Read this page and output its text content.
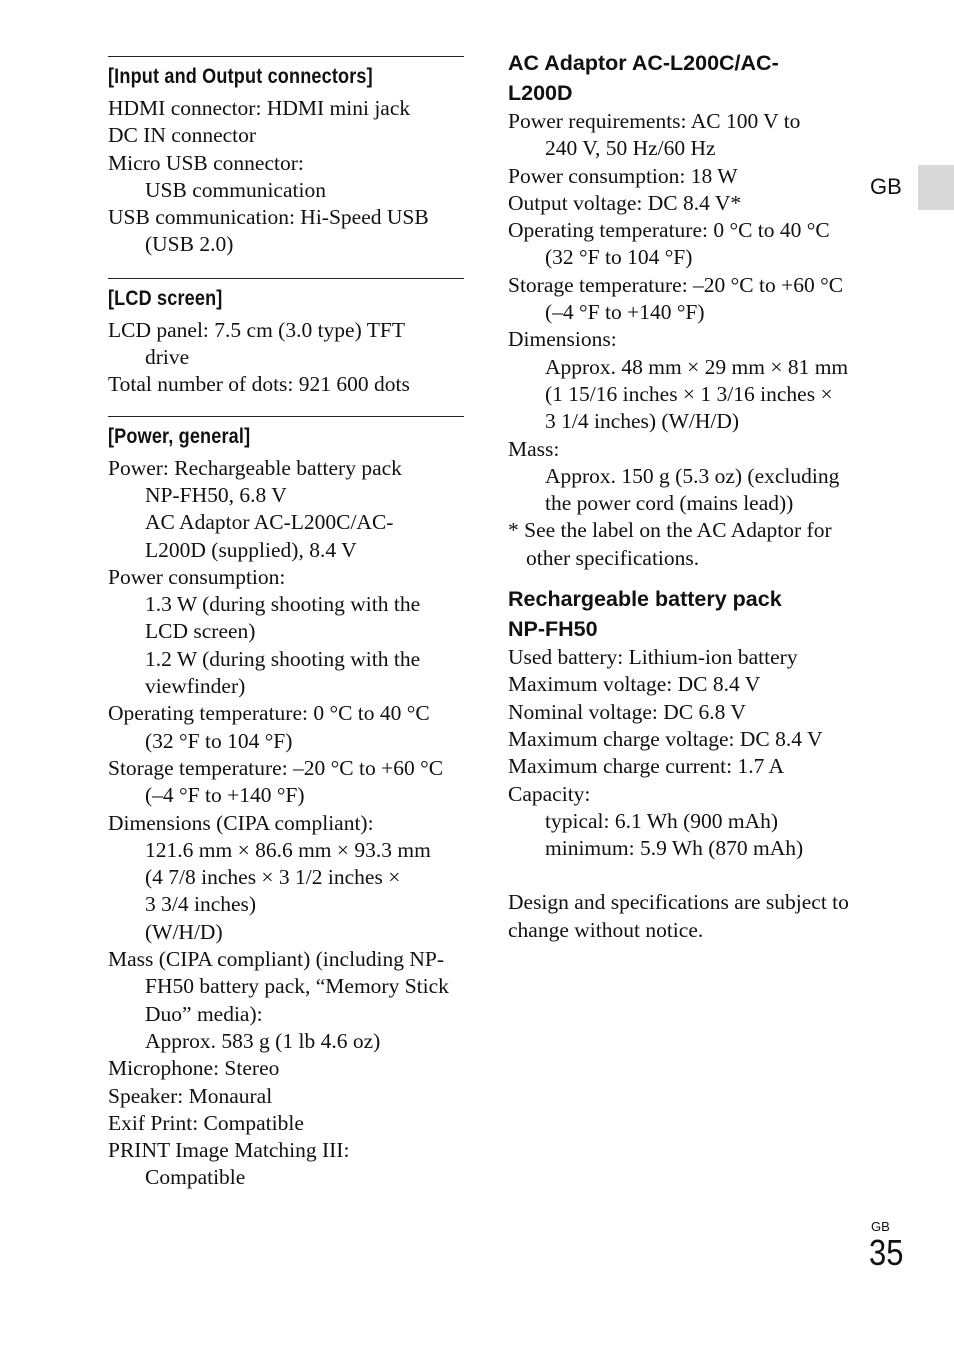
[Input and Output connectors]
HDMI connector: HDMI mini jack
DC IN connector
Micro USB connector:
USB communication
USB communication: Hi-Speed USB
(USB 2.0)
[LCD screen]
LCD panel: 7.5 cm (3.0 type) TFT
drive
Total number of dots: 921 600 dots
[Power, general]
Power: Rechargeable battery pack
NP-FH50, 6.8 V
AC Adaptor AC-L200C/AC-
L200D (supplied), 8.4 V
Power consumption:
1.3 W (during shooting with the
LCD screen)
1.2 W (during shooting with the
viewfinder)
Operating temperature: 0 °C to 40 °C
(32 °F to 104 °F)
Storage temperature: –20 °C to +60 °C
(–4 °F to +140 °F)
Dimensions (CIPA compliant):
121.6 mm × 86.6 mm × 93.3 mm
(4 7/8 inches × 3 1/2 inches ×
3 3/4 inches)
(W/H/D)
Mass (CIPA compliant) (including NP-
FH50 battery pack, “Memory Stick
Duo” media):
Approx. 583 g (1 lb 4.6 oz)
Microphone: Stereo
Speaker: Monaural
Exif Print: Compatible
PRINT Image Matching III:
Compatible
AC Adaptor AC-L200C/AC-
L200D
Power requirements: AC 100 V to
240 V, 50 Hz/60 Hz
Power consumption: 18 W
Output voltage: DC 8.4 V*
Operating temperature: 0 °C to 40 °C
(32 °F to 104 °F)
Storage temperature: –20 °C to +60 °C
(–4 °F to +140 °F)
Dimensions:
Approx. 48 mm × 29 mm × 81 mm
(1 15/16 inches × 1 3/16 inches ×
3 1/4 inches) (W/H/D)
Mass:
Approx. 150 g (5.3 oz) (excluding
the power cord (mains lead))
* See the label on the AC Adaptor for
other specifications.
Rechargeable battery pack
NP-FH50
Used battery: Lithium-ion battery
Maximum voltage: DC 8.4 V
Nominal voltage: DC 6.8 V
Maximum charge voltage: DC 8.4 V
Maximum charge current: 1.7 A
Capacity:
typical: 6.1 Wh (900 mAh)
minimum: 5.9 Wh (870 mAh)
Design and specifications are subject to
change without notice.
GB
GB
35
